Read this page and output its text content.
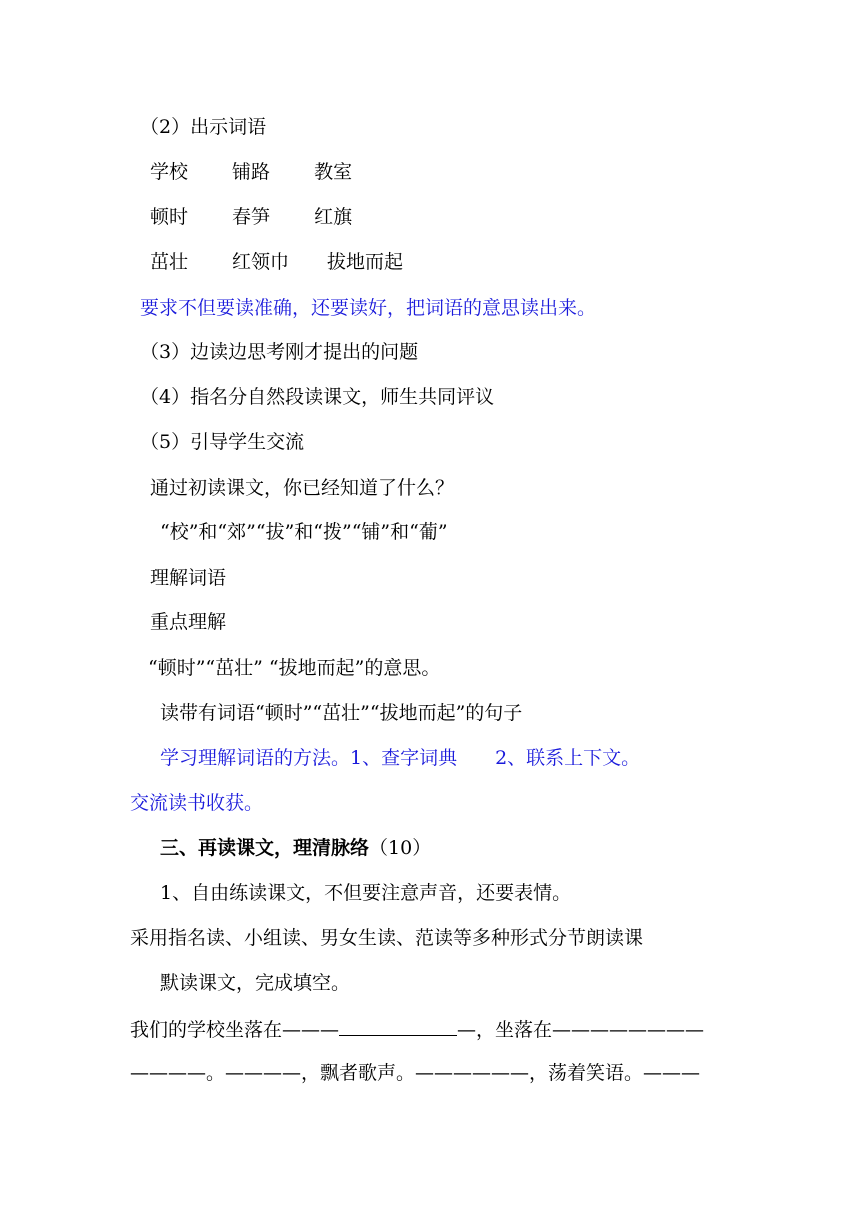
（2）出示词语
学校　　 铺路　　 教室
顿时　　 春笋　　 红旗
茁壮　　 红领巾　　拔地而起
要求不但要读准确，还要读好，把词语的意思读出来。
（3）边读边思考刚才提出的问题
（4）指名分自然段读课文，师生共同评议
（5）引导学生交流
通过初读课文，你已经知道了什么？
“校”和“郊”“拔”和“拨”“铺”和“葡”
理解词语
重点理解
“顿时”“茁壮” “拔地而起”的意思。
读带有词语“顿时”“茁壮”“拔地而起”的句子
学习理解词语的方法。1、查字词典　　2、联系上下文。
交流读书收获。
三、再读课文，理清脉络（10）
1、自由练读课文，不但要注意声音，还要表情。
采用指名读、小组读、男女生读、范读等多种形式分节朗读课
默读课文，完成填空。
我们的学校坐落在———	—，坐落在————————
————。————，飘者歌声。——————，荡着笑语。———
